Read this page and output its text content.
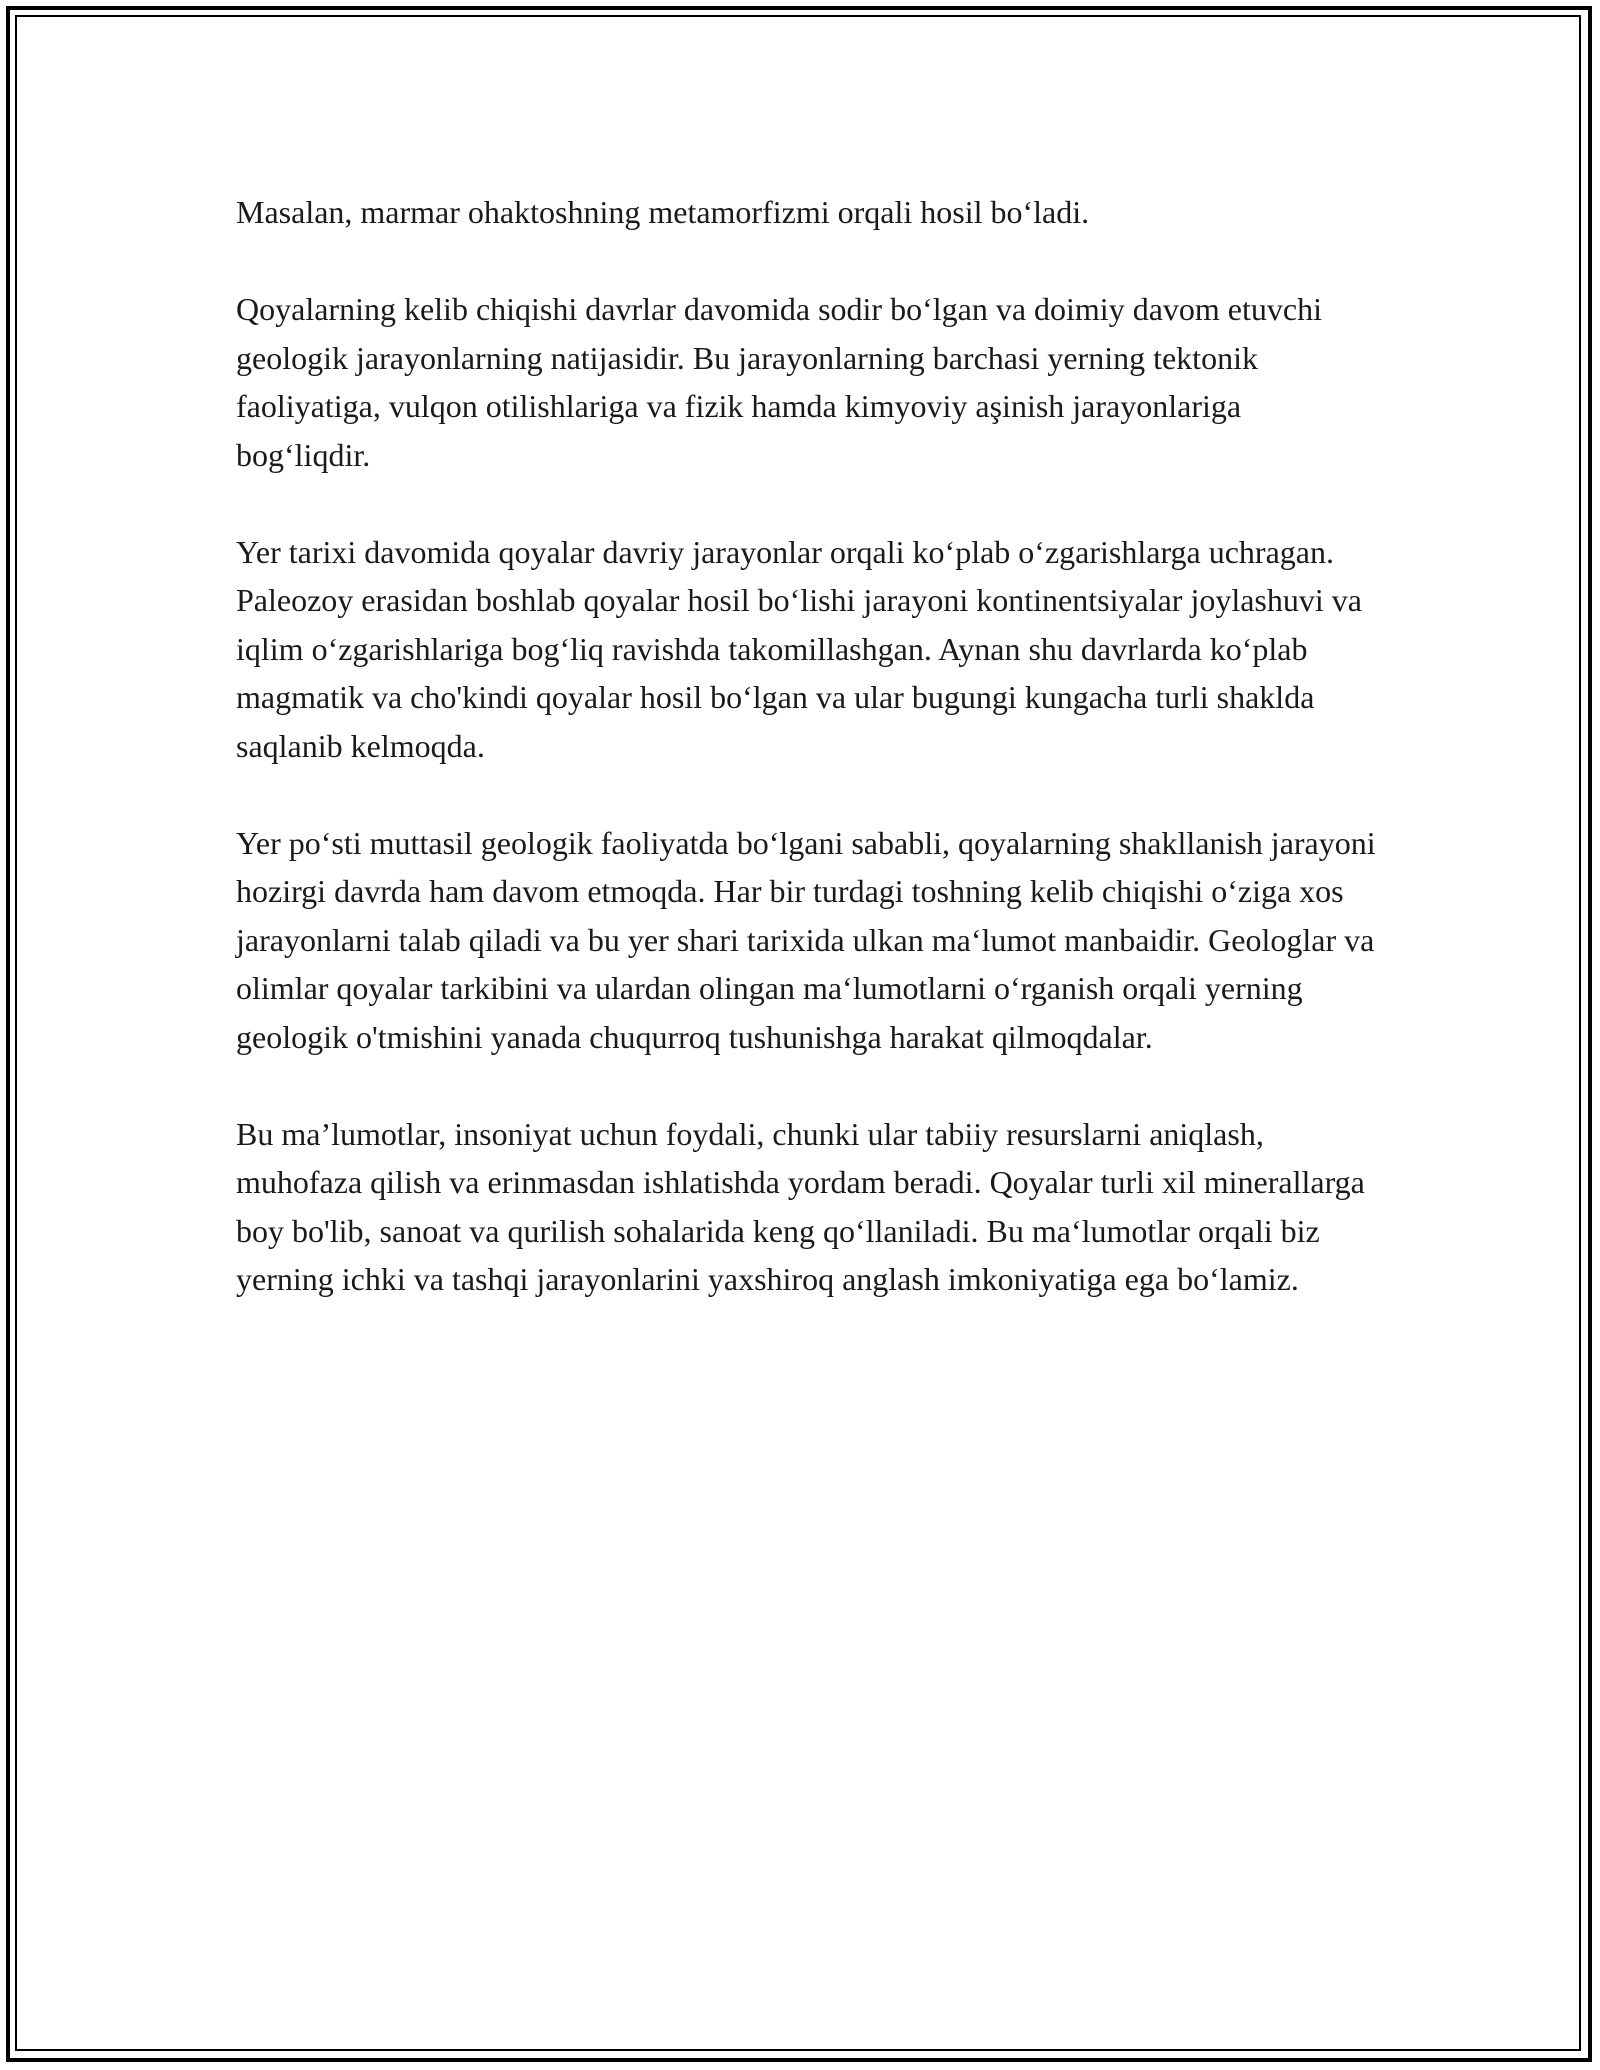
Masalan, marmar ohaktoshning metamorfizmi orqali hosil bo‘ladi.

Qoyalarning kelib chiqishi davrlar davomida sodir bo‘lgan va doimiy davom etuvchi geologik jarayonlarning natijasidir. Bu jarayonlarning barchasi yerning tektonik faoliyatiga, vulqon otilishlariga va fizik hamda kimyoviy aşinish jarayonlariga bog‘liqdir.

Yer tarixi davomida qoyalar davriy jarayonlar orqali ko‘plab o‘zgarishlarga uchragan. Paleozoy erasidan boshlab qoyalar hosil bo‘lishi jarayoni kontinentsiyalar joylashuvi va iqlim o‘zgarishlariga bog‘liq ravishda takomillashgan. Aynan shu davrlarda ko‘plab magmatik va cho'kindi qoyalar hosil bo‘lgan va ular bugungi kungacha turli shaklda saqlanib kelmoqda.

Yer po‘sti muttasil geologik faoliyatda bo‘lgani sababli, qoyalarning shakllanish jarayoni hozirgi davrda ham davom etmoqda. Har bir turdagi toshning kelib chiqishi o‘ziga xos jarayonlarni talab qiladi va bu yer shari tarixida ulkan ma‘lumot manbaidir. Geologlar va olimlar qoyalar tarkibini va ulardan olingan ma‘lumotlarni o‘rganish orqali yerning geologik o'tmishini yanada chuqurroq tushunishga harakat qilmoqdalar.

Bu ma’lumotlar, insoniyat uchun foydali, chunki ular tabiiy resurslarni aniqlash, muhofaza qilish va erinmasdan ishlatishda yordam beradi. Qoyalar turli xil minerallarga boy bo'lib, sanoat va qurilish sohalarida keng qo‘llaniladi. Bu ma‘lumotlar orqali biz yerning ichki va tashqi jarayonlarini yaxshiroq anglash imkoniyatiga ega bo‘lamiz.
